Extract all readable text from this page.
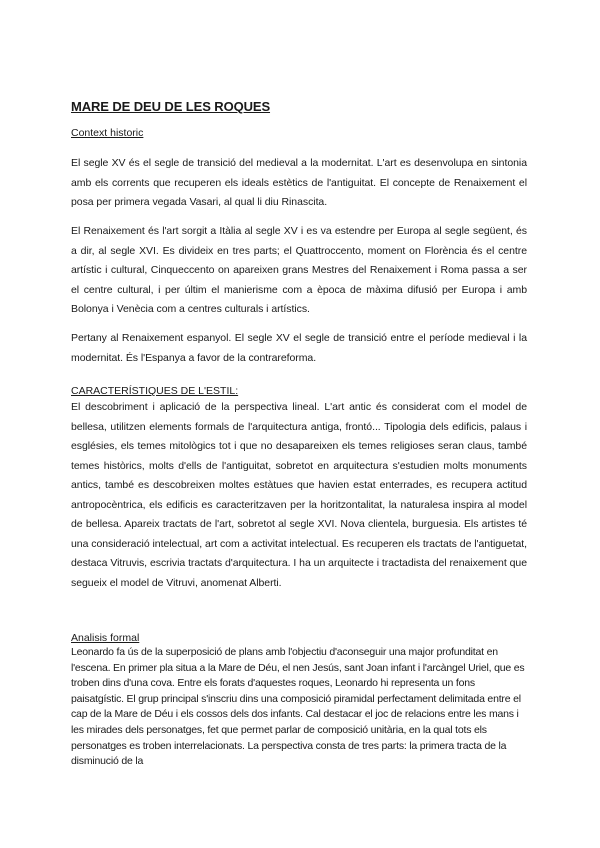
MARE DE DEU DE LES ROQUES

Context historic

El segle XV és el segle de transició del medieval a la modernitat. L'art es desenvolupa en sintonia amb els corrents que recuperen els ideals estètics de l'antiguitat. El concepte de Renaixement el posa per primera vegada Vasari, al qual li diu Rinascita.

El Renaixement és l'art sorgit a Itàlia al segle XV i es va estendre per Europa al segle següent, és a dir, al segle XVI. Es divideix en tres parts; el Quattroccento, moment on Florència és el centre artístic i cultural, Cinqueccento on apareixen grans Mestres del Renaixement i Roma passa a ser el centre cultural, i per últim el manierisme com a època de màxima difusió per Europa i amb Bolonya i Venècia com a centres culturals i artístics.

Pertany al Renaixement espanyol. El segle XV el segle de transició entre el període medieval i la modernitat. És l'Espanya a favor de la contrareforma.

CARACTERÍSTIQUES DE L'ESTIL:

El descobriment i aplicació de la perspectiva lineal. L'art antic és considerat com el model de bellesa, utilitzen elements formals de l'arquitectura antiga, frontó... Tipologia dels edificis, palaus i esglésies, els temes mitològics tot i que no desapareixen els temes religioses seran claus, també temes històrics, molts d'ells de l'antiguitat, sobretot en arquitectura s'estudien molts monuments antics, també es descobreixen moltes estàtues que havien estat enterrades, es recupera actitud antropocèntrica, els edificis es caracteritzaven per la horitzontalitat, la naturalesa inspira al model de bellesa. Apareix tractats de l'art, sobretot al segle XVI. Nova clientela, burguesia. Els artistes té una consideració intelectual, art com a activitat intelectual. Es recuperen els tractats de l'antiguetat, destaca Vitruvis, escrivia tractats d'arquitectura. I ha un arquitecte i tractadista del renaixement que segueix el model de Vitruvi, anomenat Alberti.

Analisis formal

Leonardo fa ús de la superposició de plans amb l'objectiu d'aconseguir una major profunditat en l'escena. En primer pla situa a la Mare de Déu, el nen Jesús, sant Joan infant i l'arcàngel Uriel, que es troben dins d'una cova. Entre els forats d'aquestes roques, Leonardo hi representa un fons paisatgístic. El grup principal s'inscriu dins una composició piramidal perfectament delimitada entre el cap de la Mare de Déu i els cossos dels dos infants. Cal destacar el joc de relacions entre les mans i les mirades dels personatges, fet que permet parlar de composició unitària, en la qual tots els personatges es troben interrelacionats. La perspectiva consta de tres parts: la primera tracta de la disminució de la
